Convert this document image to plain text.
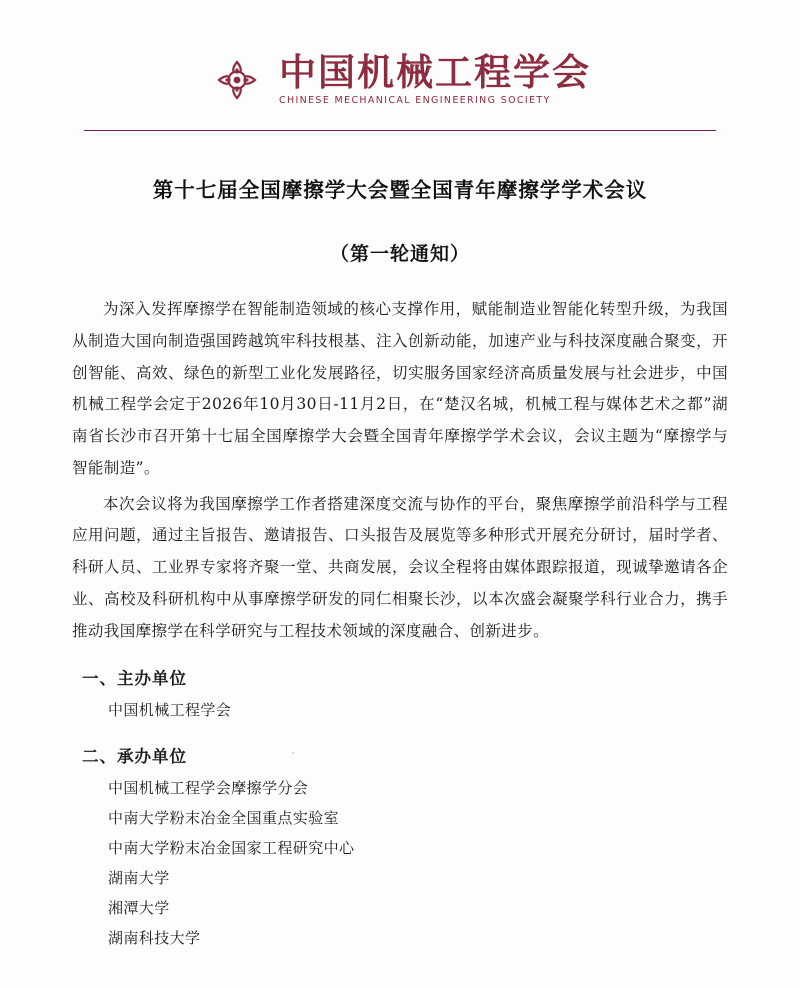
中国机械工程学会
CHINESE MECHANICAL ENGINEERING SOCIETY
第十七届全国摩擦学大会暨全国青年摩擦学学术会议
（第一轮通知）

为深入发挥摩擦学在智能制造领域的核心支撑作用，赋能制造业智能化转型升级，为我国从制造大国向制造强国跨越筑牢科技根基、注入创新动能，加速产业与科技深度融合聚变，开创智能、高效、绿色的新型工业化发展路径，切实服务国家经济高质量发展与社会进步，中国机械工程学会定于2026年10月30日-11月2日，在“楚汉名城，机械工程与媒体艺术之都”湖南省长沙市召开第十七届全国摩擦学大会暨全国青年摩擦学学术会议，会议主题为“摩擦学与智能制造”。

本次会议将为我国摩擦学工作者搭建深度交流与协作的平台，聚焦摩擦学前沿科学与工程应用问题，通过主旨报告、邀请报告、口头报告及展览等多种形式开展充分研讨，届时学者、科研人员、工业界专家将齐聚一堂、共商发展，会议全程将由媒体跟踪报道，现诚挚邀请各企业、高校及科研机构中从事摩擦学研发的同仁相聚长沙，以本次盛会凝聚学科行业合力，携手推动我国摩擦学在科学研究与工程技术领域的深度融合、创新进步。

一、主办单位
中国机械工程学会
二、承办单位
中国机械工程学会摩擦学分会
中南大学粉末冶金全国重点实验室
中南大学粉末冶金国家工程研究中心
湖南大学
湘潭大学
湖南科技大学
